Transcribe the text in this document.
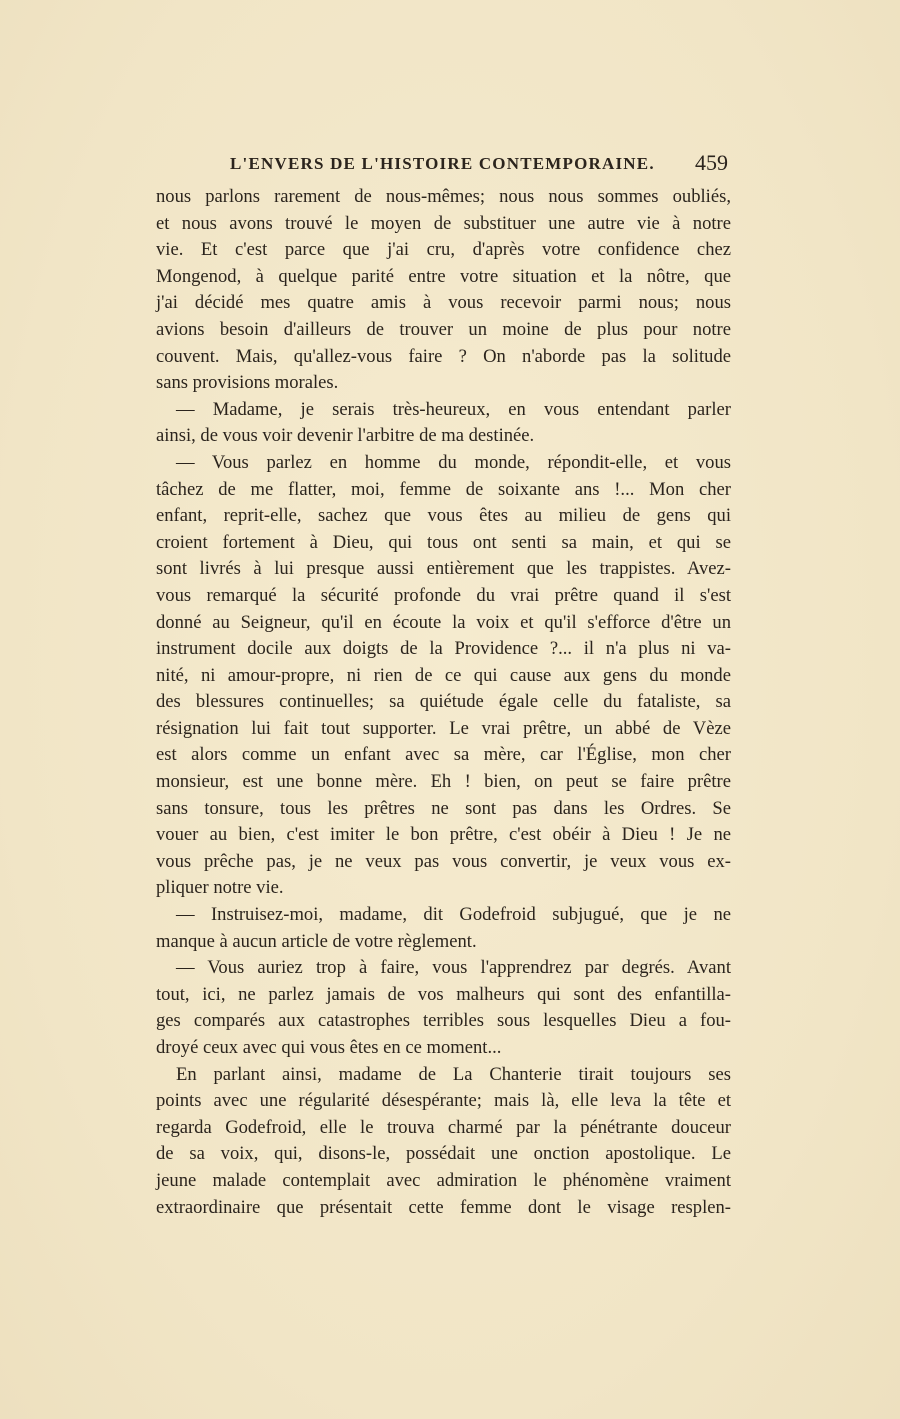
L'ENVERS DE L'HISTOIRE CONTEMPORAINE. 459
nous parlons rarement de nous-mêmes; nous nous sommes oubliés,
et nous avons trouvé le moyen de substituer une autre vie à notre
vie. Et c'est parce que j'ai cru, d'après votre confidence chez
Mongenod, à quelque parité entre votre situation et la nôtre, que
j'ai décidé mes quatre amis à vous recevoir parmi nous; nous
avions besoin d'ailleurs de trouver un moine de plus pour notre
couvent. Mais, qu'allez-vous faire ? On n'aborde pas la solitude
sans provisions morales.
— Madame, je serais très-heureux, en vous entendant parler
ainsi, de vous voir devenir l'arbitre de ma destinée.
— Vous parlez en homme du monde, répondit-elle, et vous
tâchez de me flatter, moi, femme de soixante ans !... Mon cher
enfant, reprit-elle, sachez que vous êtes au milieu de gens qui
croient fortement à Dieu, qui tous ont senti sa main, et qui se
sont livrés à lui presque aussi entièrement que les trappistes. Avez-
vous remarqué la sécurité profonde du vrai prêtre quand il s'est
donné au Seigneur, qu'il en écoute la voix et qu'il s'efforce d'être un
instrument docile aux doigts de la Providence ?... il n'a plus ni va-
nité, ni amour-propre, ni rien de ce qui cause aux gens du monde
des blessures continuelles; sa quiétude égale celle du fataliste, sa
résignation lui fait tout supporter. Le vrai prêtre, un abbé de Vèze
est alors comme un enfant avec sa mère, car l'Église, mon cher
monsieur, est une bonne mère. Eh ! bien, on peut se faire prêtre
sans tonsure, tous les prêtres ne sont pas dans les Ordres. Se
vouer au bien, c'est imiter le bon prêtre, c'est obéir à Dieu ! Je ne
vous prêche pas, je ne veux pas vous convertir, je veux vous ex-
pliquer notre vie.
— Instruisez-moi, madame, dit Godefroid subjugué, que je ne
manque à aucun article de votre règlement.
— Vous auriez trop à faire, vous l'apprendrez par degrés. Avant
tout, ici, ne parlez jamais de vos malheurs qui sont des enfantilla-
ges comparés aux catastrophes terribles sous lesquelles Dieu a fou-
droyé ceux avec qui vous êtes en ce moment...
En parlant ainsi, madame de La Chanterie tirait toujours ses
points avec une régularité désespérante; mais là, elle leva la tête et
regarda Godefroid, elle le trouva charmé par la pénétrante douceur
de sa voix, qui, disons-le, possédait une onction apostolique. Le
jeune malade contemplait avec admiration le phénomène vraiment
extraordinaire que présentait cette femme dont le visage resplen-
